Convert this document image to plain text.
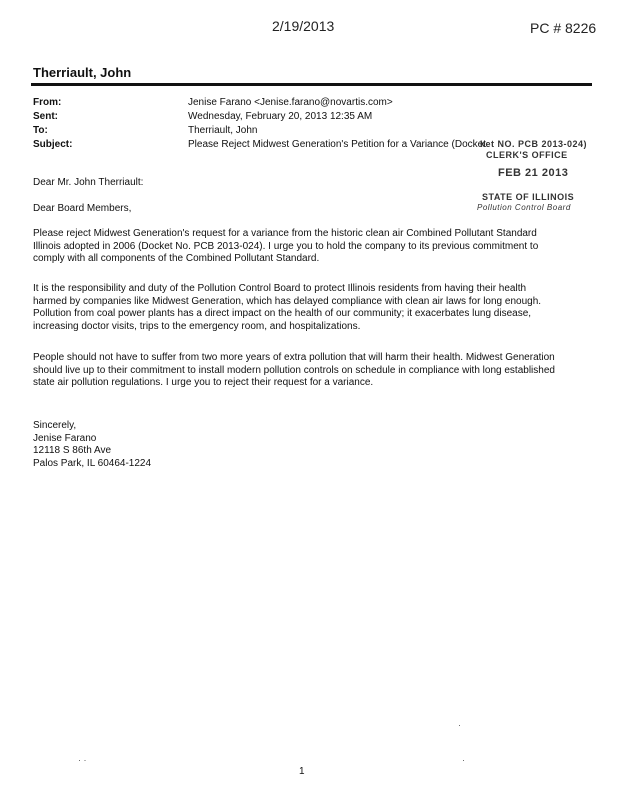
2/19/2013	PC # 8226
Therriault, John
From:	Jenise Farano <Jenise.farano@novartis.com>
Sent:	Wednesday, February 20, 2013 12:35 AM
To:	Therriault, John
Subject:	Please Reject Midwest Generation's Petition for a Variance (Docket
ket NO. PCB 2013-024)
CLERK'S OFFICE
FEB 21 2013
STATE OF ILLINOIS
Pollution Control Board
Dear Mr. John Therriault:
Dear Board Members,
Please reject Midwest Generation's request for a variance from the historic clean air Combined Pollutant Standard
Illinois adopted in 2006 (Docket No. PCB 2013-024). I urge you to hold the company to its previous commitment to
comply with all components of the Combined Pollutant Standard.
It is the responsibility and duty of the Pollution Control Board to protect Illinois residents from having their health
harmed by companies like Midwest Generation, which has delayed compliance with clean air laws for long enough.
Pollution from coal power plants has a direct impact on the health of our community; it exacerbates lung disease,
increasing doctor visits, trips to the emergency room, and hospitalizations.
People should not have to suffer from two more years of extra pollution that will harm their health. Midwest Generation
should live up to their commitment to install modern pollution controls on schedule in compliance with long established
state air pollution regulations. I urge you to reject their request for a variance.
Sincerely,
Jenise Farano
12118 S 86th Ave
Palos Park, IL 60464-1224
·
· ·	·
1
